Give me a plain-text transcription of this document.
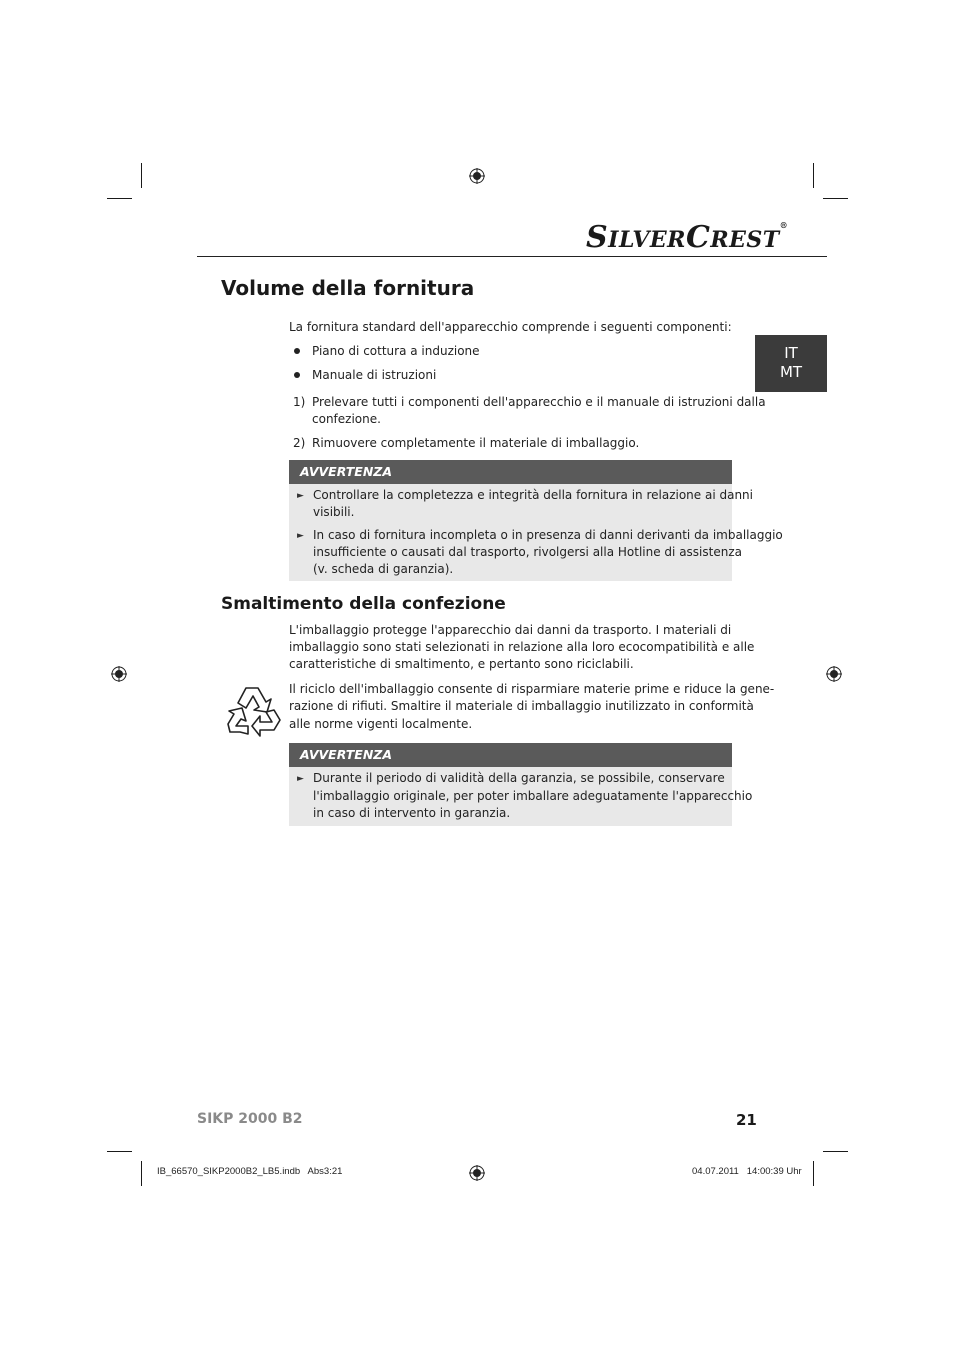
SILVERCREST®
IT
MT
Volume della fornitura

La fornitura standard dell'apparecchio comprende i seguenti componenti:

Piano di cottura a induzione

Manuale di istruzioni

1) Prelevare tutti i componenti dell'apparecchio e il manuale di istruzioni dalla

confezione.

2) Rimuovere completamente il materiale di imballaggio.

AVVERTENZA
► Controllare la completezza e integrità della fornitura in relazione ai danni

visibili.

► In caso di fornitura incompleta o in presenza di danni derivanti da imballaggio

insufficiente o causati dal trasporto, rivolgersi alla Hotline di assistenza

(v. scheda di garanzia).

Smaltimento della confezione

L'imballaggio protegge l'apparecchio dai danni da trasporto. I materiali di

imballaggio sono stati selezionati in relazione alla loro ecocompatibilità e alle

caratteristiche di smaltimento, e pertanto sono riciclabili.

Il riciclo dell'imballaggio consente di risparmiare materie prime e riduce la gene-

razione di rifiuti. Smaltire il materiale di imballaggio inutilizzato in conformità

alle norme vigenti localmente.

AVVERTENZA
► Durante il periodo di validità della garanzia, se possibile, conservare

l'imballaggio originale, per poter imballare adeguatamente l'apparecchio

in caso di intervento in garanzia.

SIKP 2000 B2	21
IB_66570_SIKP2000B2_LB5.indb   Abs3:21	04.07.2011   14:00:39 Uhr
